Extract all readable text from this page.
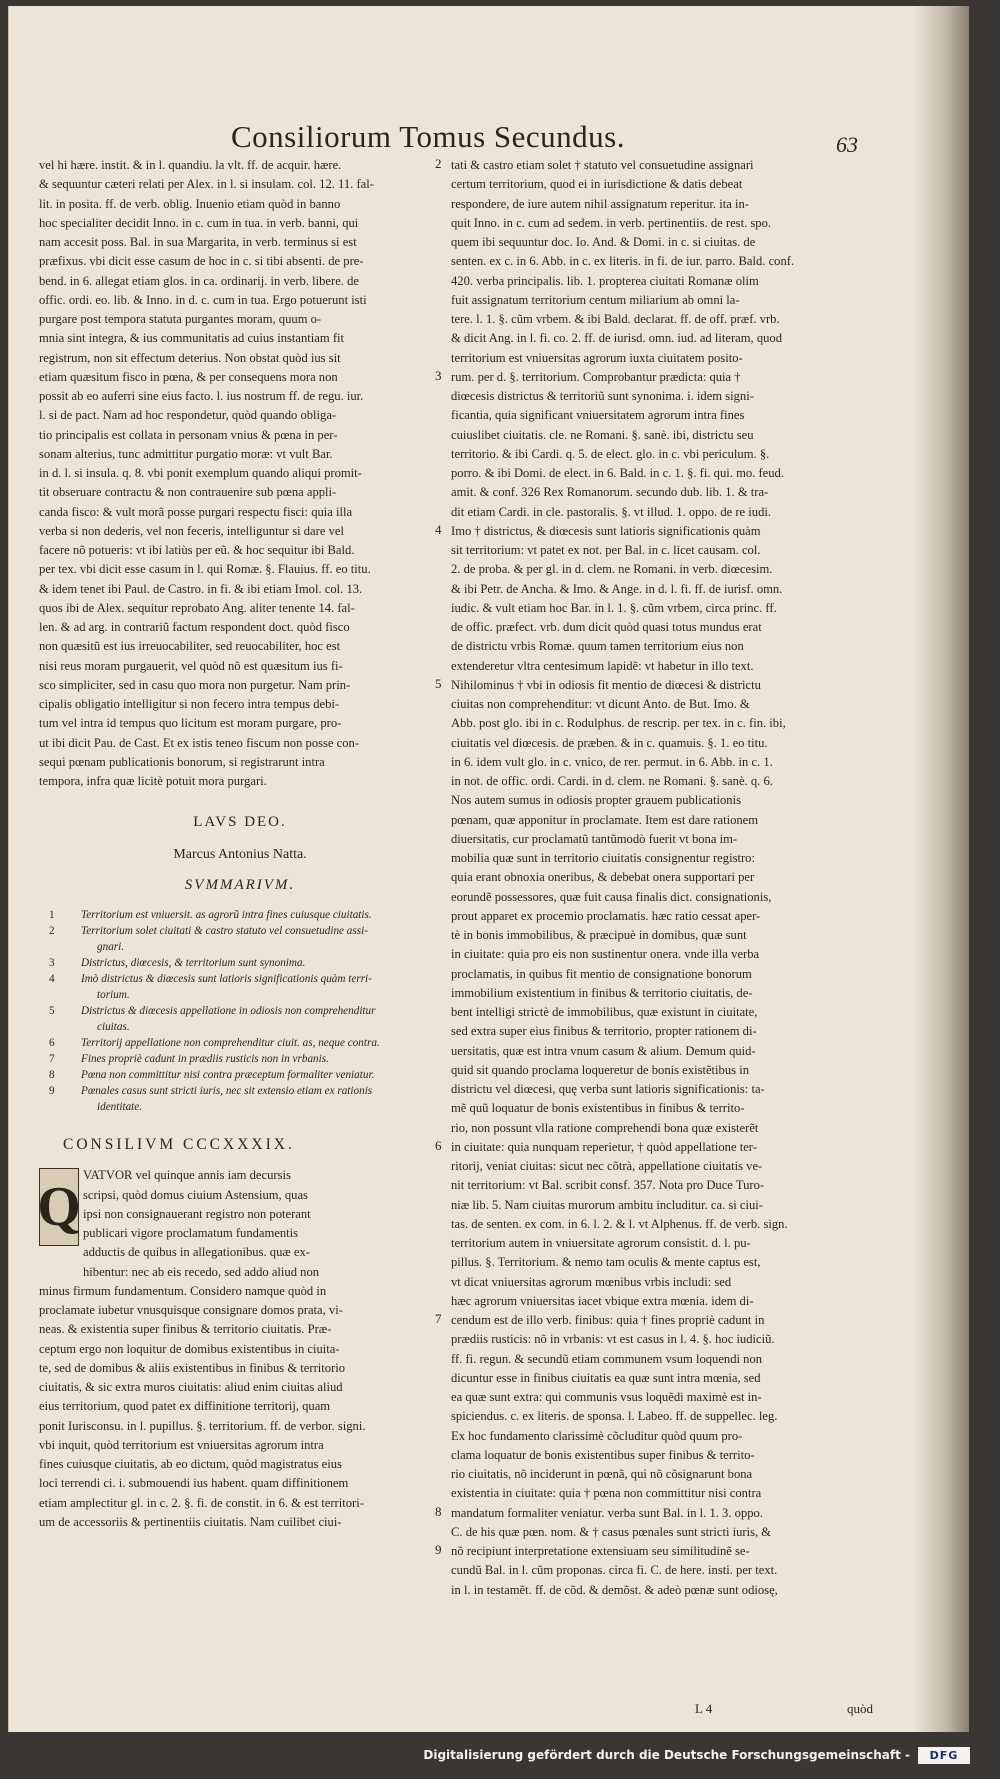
Consiliorum Tomus Secundus.	63
vel hi hære. instit. & in l. quandiu. la vlt. ff. de acquir. hære.
& sequuntur cæteri relati per Alex. in l. si insulam. col. 12. 11. fal-
lit. in posita. ff. de verb. oblig. Inuenio etiam quòd in banno
hoc specialiter decidit Inno. in c. cum in tua. in verb. banni, qui
nam accesit poss. Bal. in sua Margarita, in verb. terminus si est
præfixus. vbi dicit esse casum de hoc in c. si tibi absenti. de pre-
bend. in 6. allegat etiam glos. in ca. ordinarij. in verb. libere. de
offic. ordi. eo. lib. & Inno. in d. c. cum in tua. Ergo potuerunt isti
purgare post tempora statuta purgantes moram, quum o-
mnia sint integra, & ius communitatis ad cuius instantiam fit
registrum, non sit effectum deterius. Non obstat quòd ius sit
etiam quæsitum fisco in pœna, & per consequens mora non
possit ab eo auferri sine eius facto. l. ius nostrum ff. de regu. iur.
l. si de pact. Nam ad hoc respondetur, quòd quando obliga-
tio principalis est collata in personam vnius & pœna in per-
sonam alterius, tunc admittitur purgatio moræ: vt vult Bar.
in d. l. si insula. q. 8. vbi ponit exemplum quando aliqui promit-
tit obseruare contractu & non contrauenire sub pœna appli-
canda fisco: & vult morã posse purgari respectu fisci: quia illa
verba si non dederis, vel non feceris, intelliguntur si dare vel
facere nõ potueris: vt ibi latiùs per eũ. & hoc sequitur ibi Bald.
per tex. vbi dicit esse casum in l. qui Romæ. §. Flauius. ff. eo titu.
& idem tenet ibi Paul. de Castro. in fi. & ibi etiam Imol. col. 13.
quos ibi de Alex. sequitur reprobato Ang. aliter tenente 14. fal-
len. & ad arg. in contrariũ factum respondent doct. quòd fisco
non quæsitũ est ius irreuocabiliter, sed reuocabiliter, hoc est
nisi reus moram purgauerit, vel quòd nõ est quæsitum ius fi-
sco simpliciter, sed in casu quo mora non purgetur. Nam prin-
cipalis obligatio intelligitur si non fecero intra tempus debi-
tum vel intra id tempus quo licitum est moram purgare, pro-
ut ibi dicit Pau. de Cast. Et ex istis teneo fiscum non posse con-
sequi pœnam publicationis bonorum, si registrarunt intra
tempora, infra quæ licitè potuit mora purgari.
LAVS DEO.
Marcus Antonius Natta.
SVMMARIVM.
1 Territorium est vniuersit. as agrorũ intra fines cuiusque ciuitatis.
2 Territorium solet ciuitati & castro statuto vel consuetudine assi-
gnari.
3 Districtus, diœcesis, & territorium sunt synonima.
4 Imò districtus & diœcesis sunt latioris significationis quàm terri-
torium.
5 Districtus & diœcesis appellatione in odiosis non comprehenditur
ciuitas.
6 Territorij appellatione non comprehenditur ciuit. as, neque contra.
7 Fines propriè cadunt in prædiis rusticis non in vrbanis.
8 Pœna non committitur nisi contra præceptum formaliter veniatur.
9 Pœnales casus sunt stricti iuris, nec sit extensio etiam ex rationis
identitate.
CONSILIVM CCCXXXIX.
Q
VATVOR vel quinque annis iam decursis
scripsi, quòd domus ciuium Astensium, quas
ipsi non consignauerant registro non poterant
publicari vigore proclamatum fundamentis
adductis de quibus in allegationibus. quæ ex-
hibentur: nec ab eis recedo, sed addo aliud non
minus firmum fundamentum. Considero namque quòd in
proclamate iubetur vnusquisque consignare domos prata, vi-
neas. & existentia super finibus & territorio ciuitatis. Præ-
ceptum ergo non loquitur de domibus existentibus in ciuita-
te, sed de domibus & aliis existentibus in finibus & territorio
ciuitatis, & sic extra muros ciuitatis: aliud enim ciuitas aliud
eius territorium, quod patet ex diffinitione territorij, quam
ponit Iurisconsu. in l. pupillus. §. territorium. ff. de verbor. signi.
vbi inquit, quòd territorium est vniuersitas agrorum intra
fines cuiusque ciuitatis, ab eo dictum, quòd magistratus eius
loci terrendi ci. i. submouendi ius habent. quam diffinitionem
etiam amplectitur gl. in c. 2. §. fi. de constit. in 6. & est territori-
um de accessoriis & pertinentiis ciuitatis. Nam cuilibet ciui-
tati & castro etiam solet † statuto vel consuetudine assignari
certum territorium, quod ei in iurisdictione & datis debeat
respondere, de iure autem nihil assignatum reperitur. ita in-
quit Inno. in c. cum ad sedem. in verb. pertinentiis. de rest. spo.
quem ibi sequuntur doc. Io. And. & Domi. in c. si ciuitas. de
senten. ex c. in 6. Abb. in c. ex literis. in fi. de iur. parro. Bald. conf.
420. verba principalis. lib. 1. propterea ciuitati Romanæ olim
fuit assignatum territorium centum miliarium ab omni la-
tere. l. 1. §. cũm vrbem. & ibi Bald. declarat. ff. de off. præf. vrb.
& dicit Ang. in l. fi. co. 2. ff. de iurisd. omn. iud. ad literam, quod
territorium est vniuersitas agrorum iuxta ciuitatem posito-
rum. per d. §. territorium. Comprobantur prædicta: quia †
diœcesis districtus & territoriũ sunt synonima. i. idem signi-
ficantia, quia significant vniuersitatem agrorum intra fines
cuiuslibet ciuitatis. cle. ne Romani. §. sanè. ibi, districtu seu
territorio. & ibi Cardi. q. 5. de elect. glo. in c. vbi periculum. §.
porro. & ibi Domi. de elect. in 6. Bald. in c. 1. §. fi. qui. mo. feud.
amit. & conf. 326 Rex Romanorum. secundo dub. lib. 1. & tra-
dit etiam Cardi. in cle. pastoralis. §. vt illud. 1. oppo. de re iudi.
Imo † districtus, & diœcesis sunt latioris significationis quàm
sit territorium: vt patet ex not. per Bal. in c. licet causam. col.
2. de proba. & per gl. in d. clem. ne Romani. in verb. diœcesim.
& ibi Petr. de Ancha. & Imo. & Ange. in d. l. fi. ff. de iurisf. omn.
iudic. & vult etiam hoc Bar. in l. 1. §. cũm vrbem, circa princ. ff.
de offic. præfect. vrb. dum dicit quòd quasi totus mundus erat
de districtu vrbis Romæ. quum tamen territorium eius non
extenderetur vltra centesimum lapidẽ: vt habetur in illo text.
Nihilominus † vbi in odiosis fit mentio de diœcesi & districtu
ciuitas non comprehenditur: vt dicunt Anto. de But. Imo. &
Abb. post glo. ibi in c. Rodulphus. de rescrip. per tex. in c. fin. ibi,
ciuitatis vel diœcesis. de præben. & in c. quamuis. §. 1. eo titu.
in 6. idem vult glo. in c. vnico, de rer. permut. in 6. Abb. in c. 1.
in not. de offic. ordi. Cardi. in d. clem. ne Romani. §. sanè. q. 6.
Nos autem sumus in odiosis propter grauem publicationis
pœnam, quæ apponitur in proclamate. Item est dare rationem
diuersitatis, cur proclamatũ tantũmodò fuerit vt bona im-
mobilia quæ sunt in territorio ciuitatis consignentur registro:
quia erant obnoxia oneribus, & debebat onera supportari per
eorundẽ possessores, quæ fuit causa finalis dict. consignationis,
prout apparet ex procemio proclamatis. hæc ratio cessat aper-
tè in bonis immobilibus, & præcipuè in domibus, quæ sunt
in ciuitate: quia pro eis non sustinentur onera. vnde illa verba
proclamatis, in quibus fit mentio de consignatione bonorum
immobilium existentium in finibus & territorio ciuitatis, de-
bent intelligi strictè de immobilibus, quæ existunt in ciuitate,
sed extra super eius finibus & territorio, propter rationem di-
uersitatis, quæ est intra vnum casum & alium. Demum quid-
quid sit quando proclama loqueretur de bonis existẽtibus in
districtu vel diœcesi, quę verba sunt latioris significationis: ta-
mẽ quũ loquatur de bonis existentibus in finibus & territo-
rio, non possunt vlla ratione comprehendi bona quæ existerẽt
in ciuitate: quia nunquam reperietur, † quòd appellatione ter-
ritorij, veniat ciuitas: sicut nec cõtrà, appellatione ciuitatis ve-
nit territorium: vt Bal. scribit consf. 357. Nota pro Duce Turo-
niæ lib. 5. Nam ciuitas murorum ambitu includitur. ca. si ciui-
tas. de senten. ex com. in 6. l. 2. & l. vt Alphenus. ff. de verb. sign.
territorium autem in vniuersitate agrorum consistit. d. l. pu-
pillus. §. Territorium. & nemo tam oculis & mente captus est,
vt dicat vniuersitas agrorum mœnibus vrbis includi: sed
hæc agrorum vniuersitas iacet vbique extra mœnia. idem di-
cendum est de illo verb. finibus: quia † fines propriè cadunt in
prædiis rusticis: nõ in vrbanis: vt est casus in l. 4. §. hoc iudiciũ.
ff. fi. regun. & secundũ etiam communem vsum loquendi non
dicuntur esse in finibus ciuitatis ea quæ sunt intra mœnia, sed
ea quæ sunt extra: qui communis vsus loquẽdi maximè est in-
spiciendus. c. ex literis. de sponsa. l. Labeo. ff. de suppellec. leg.
Ex hoc fundamento clarissimè cõcluditur quòd quum pro-
clama loquatur de bonis existentibus super finibus & territo-
rio ciuitatis, nõ inciderunt in pœnã, qui nõ cõsignarunt bona
existentia in ciuitate: quia † pœna non committitur nisi contra
mandatum formaliter veniatur. verba sunt Bal. in l. 1. 3. oppo.
C. de his quæ pœn. nom. & † casus pœnales sunt stricti iuris, &
nõ recipiunt interpretatione extensiuam seu similitudinẽ se-
cundũ Bal. in l. cũm proponas. circa fi. C. de here. insti. per text.
in l. in testamẽt. ff. de cõd. & demõst. & adeò pœnæ sunt odiosę,
2
3
4
5
6
7
8
9
L 4	quòd
Digitalisierung gefördert durch die Deutsche Forschungsgemeinschaft -	DFG
